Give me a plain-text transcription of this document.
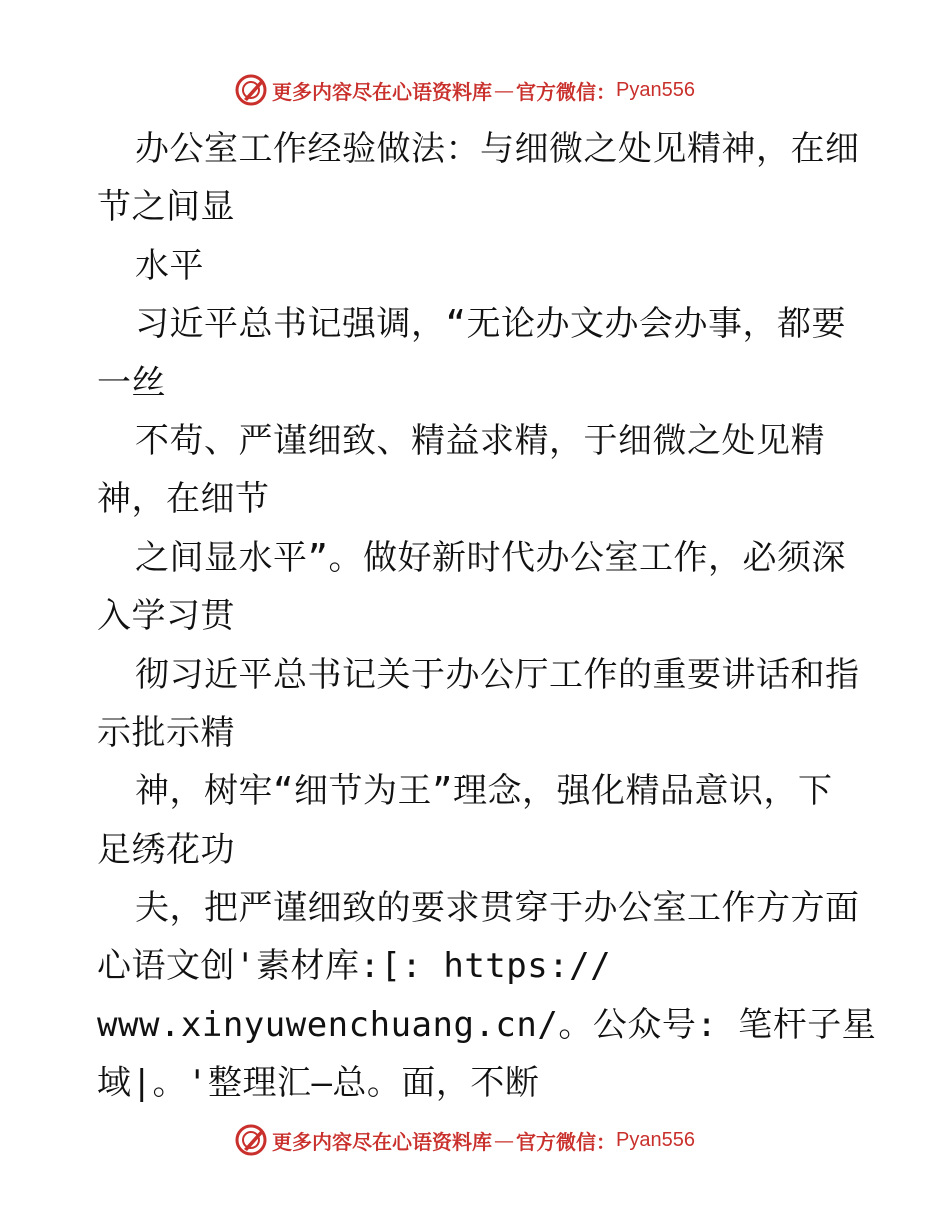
更多内容尽在心语资料库 — 官方微信： Pyan556
办公室工作经验做法：与细微之处见精神，在细
节之间显
水平
习近平总书记强调，“无论办文办会办事，都要
一丝
不苟、严谨细致、精益求精，于细微之处见精
神，在细节
之间显水平”。做好新时代办公室工作，必须深
入学习贯
彻习近平总书记关于办公厅工作的重要讲话和指
示批示精
神，树牢“细节为王”理念，强化精品意识，下
足绣花功
夫，把严谨细致的要求贯穿于办公室工作方方面
心语文创'素材库:[: https://
www.xinyuwenchuang.cn/。公众号: 笔杆子星
域|。'整理汇—总。面，不断
更多内容尽在心语资料库 — 官方微信： Pyan556
